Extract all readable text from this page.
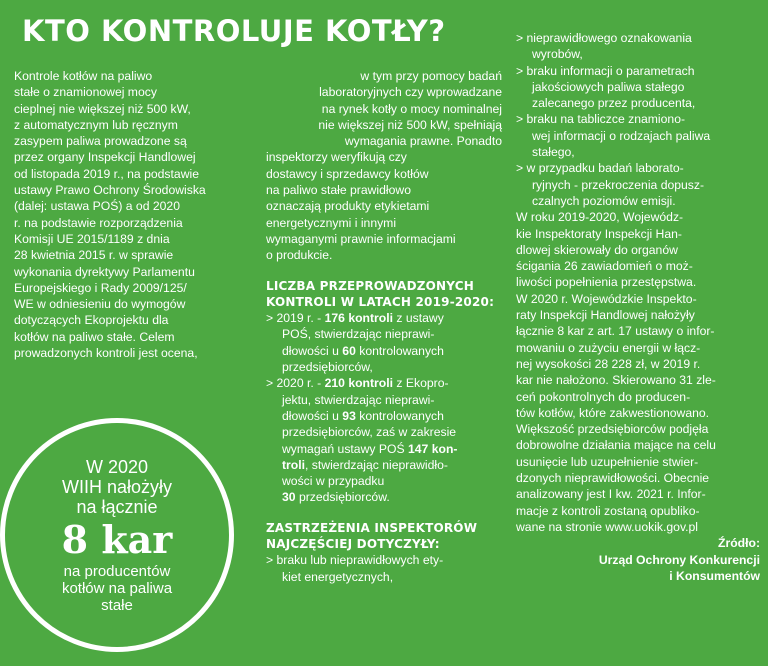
KTO KONTROLUJE KOTŁY?
Kontrole kotłów na paliwo
stałe o znamionowej mocy
cieplnej nie większej niż 500 kW,
z automatycznym lub ręcznym
zasypem paliwa prowadzone są
przez organy Inspekcji Handlowej
od listopada 2019 r., na podstawie
ustawy Prawo Ochrony Środowiska
(dalej: ustawa POŚ) a od 2020
r. na podstawie rozporządzenia
Komisji UE 2015/1189 z dnia
28 kwietnia 2015 r. w sprawie
wykonania dyrektywy Parlamentu
Europejskiego i Rady 2009/125/
WE w odniesieniu do wymogów
dotyczących Ekoprojektu dla
kotłów na paliwo stałe. Celem
prowadzonych kontroli jest ocena,
W 2020
WIIH nałożyły
na łącznie
8 kar
na producentów
kotłów na paliwa
stałe
w tym przy pomocy badań
laboratoryjnych czy wprowadzane
na rynek kotły o mocy nominalnej
nie większej niż 500 kW, spełniają
wymagania prawne. Ponadto
inspektorzy weryfikują czy
dostawcy i sprzedawcy kotłów
na paliwo stałe prawidłowo
oznaczają produkty etykietami
energetycznymi i innymi
wymaganymi prawnie informacjami
o produkcie.
LICZBA PRZEPROWADZONYCH
KONTROLI W LATACH 2019-2020:
> 2019 r. - 176 kontroli z ustawy
POŚ, stwierdzając nieprawi-
dłowości u 60 kontrolowanych
przedsiębiorców,
> 2020 r. - 210 kontroli z Ekopro-
jektu, stwierdzając nieprawi-
dłowości u 93 kontrolowanych
przedsiębiorców, zaś w zakresie
wymagań ustawy POŚ 147 kon-
troli, stwierdzając nieprawidło-
wości w przypadku
30 przedsiębiorców.
ZASTRZEŻENIA INSPEKTORÓW
NAJCZĘŚCIEJ DOTYCZYŁY:
> braku lub nieprawidłowych ety-
kiet energetycznych,
> nieprawidłowego oznakowania
wyrobów,
> braku informacji o parametrach
jakościowych paliwa stałego
zalecanego przez producenta,
> braku na tabliczce znamiono-
wej informacji o rodzajach paliwa
stałego,
> w przypadku badań laborato-
ryjnych - przekroczenia dopusz-
czalnych poziomów emisji.
W roku 2019-2020, Wojewódz-
kie Inspektoraty Inspekcji Han-
dlowej skierowały do organów
ścigania 26 zawiadomień o moż-
liwości popełnienia przestępstwa.
W 2020 r. Wojewódzkie Inspekto-
raty Inspekcji Handlowej nałożyły
łącznie 8 kar z art. 17 ustawy o infor-
mowaniu o zużyciu energii w łącz-
nej wysokości 28 228 zł, w 2019 r.
kar nie nałożono. Skierowano 31 zle-
ceń pokontrolnych do producen-
tów kotłów, które zakwestionowano.
Większość przedsiębiorców podjęła
dobrowolne działania mające na celu
usunięcie lub uzupełnienie stwier-
dzonych nieprawidłowości. Obecnie
analizowany jest I kw. 2021 r. Infor-
macje z kontroli zostaną opubliko-
wane na stronie www.uokik.gov.pl
Źródło:
Urząd Ochrony Konkurencji
i Konsumentów
